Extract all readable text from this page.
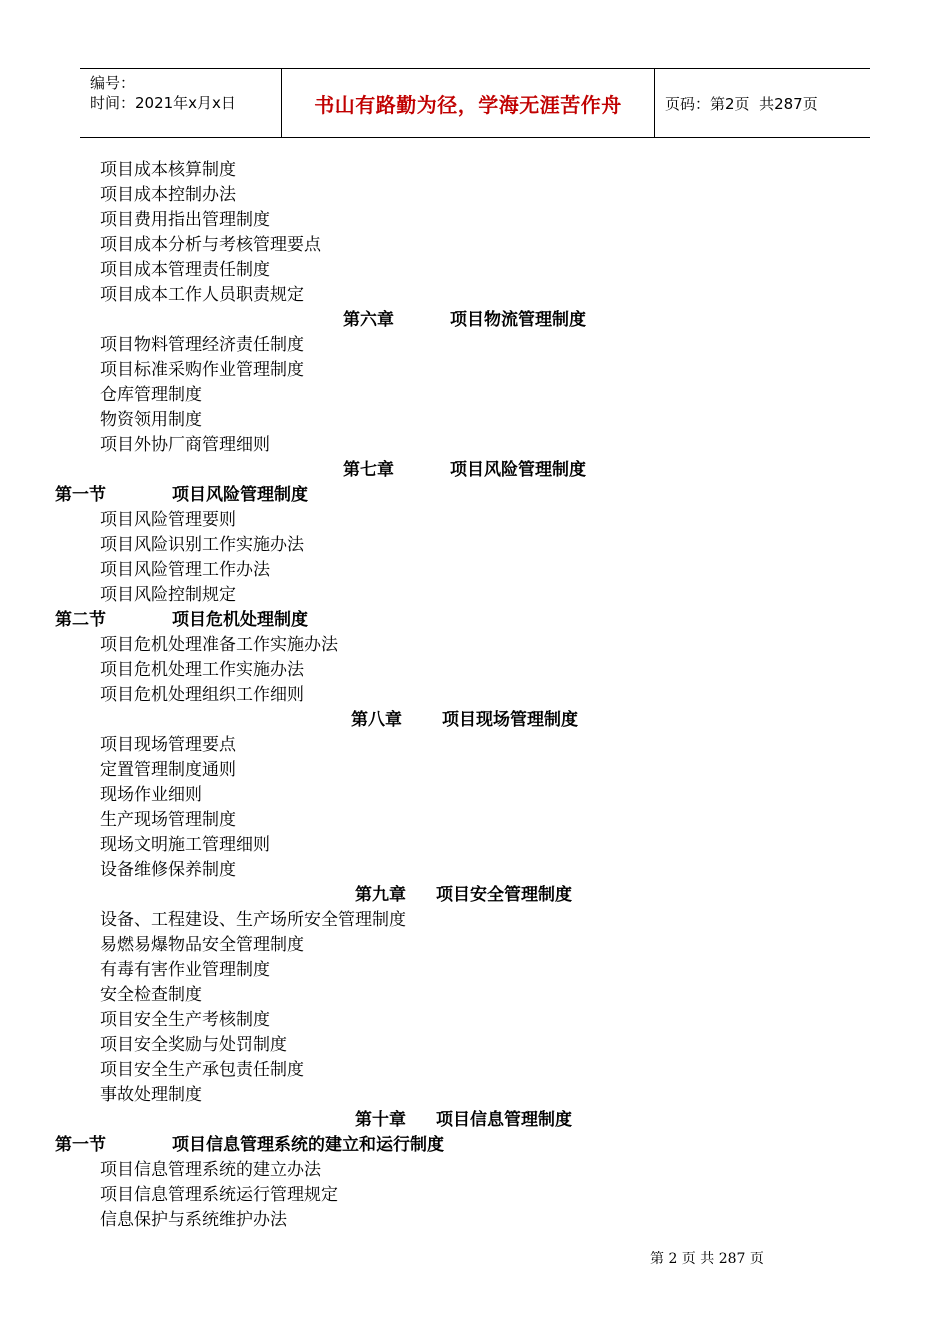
编号：
时间：2021年x月x日	书山有路勤为径，学海无涯苦作舟	页码：第2页  共287页
项目成本核算制度
项目成本控制办法
项目费用指出管理制度
项目成本分析与考核管理要点
项目成本管理责任制度
项目成本工作人员职责规定
第六章	项目物流管理制度
项目物料管理经济责任制度
项目标准采购作业管理制度
仓库管理制度
物资领用制度
项目外协厂商管理细则
第七章	项目风险管理制度
第一节	项目风险管理制度
项目风险管理要则
项目风险识别工作实施办法
项目风险管理工作办法
项目风险控制规定
第二节	项目危机处理制度
项目危机处理准备工作实施办法
项目危机处理工作实施办法
项目危机处理组织工作细则
第八章 项目现场管理制度
项目现场管理要点
定置管理制度通则
现场作业细则
生产现场管理制度
现场文明施工管理细则
设备维修保养制度
第九章 项目安全管理制度
设备、工程建设、生产场所安全管理制度
易燃易爆物品安全管理制度
有毒有害作业管理制度
安全检查制度
项目安全生产考核制度
项目安全奖励与处罚制度
项目安全生产承包责任制度
事故处理制度
第十章 项目信息管理制度
第一节	项目信息管理系统的建立和运行制度
项目信息管理系统的建立办法
项目信息管理系统运行管理规定
信息保护与系统维护办法
第 2 页 共 287 页
